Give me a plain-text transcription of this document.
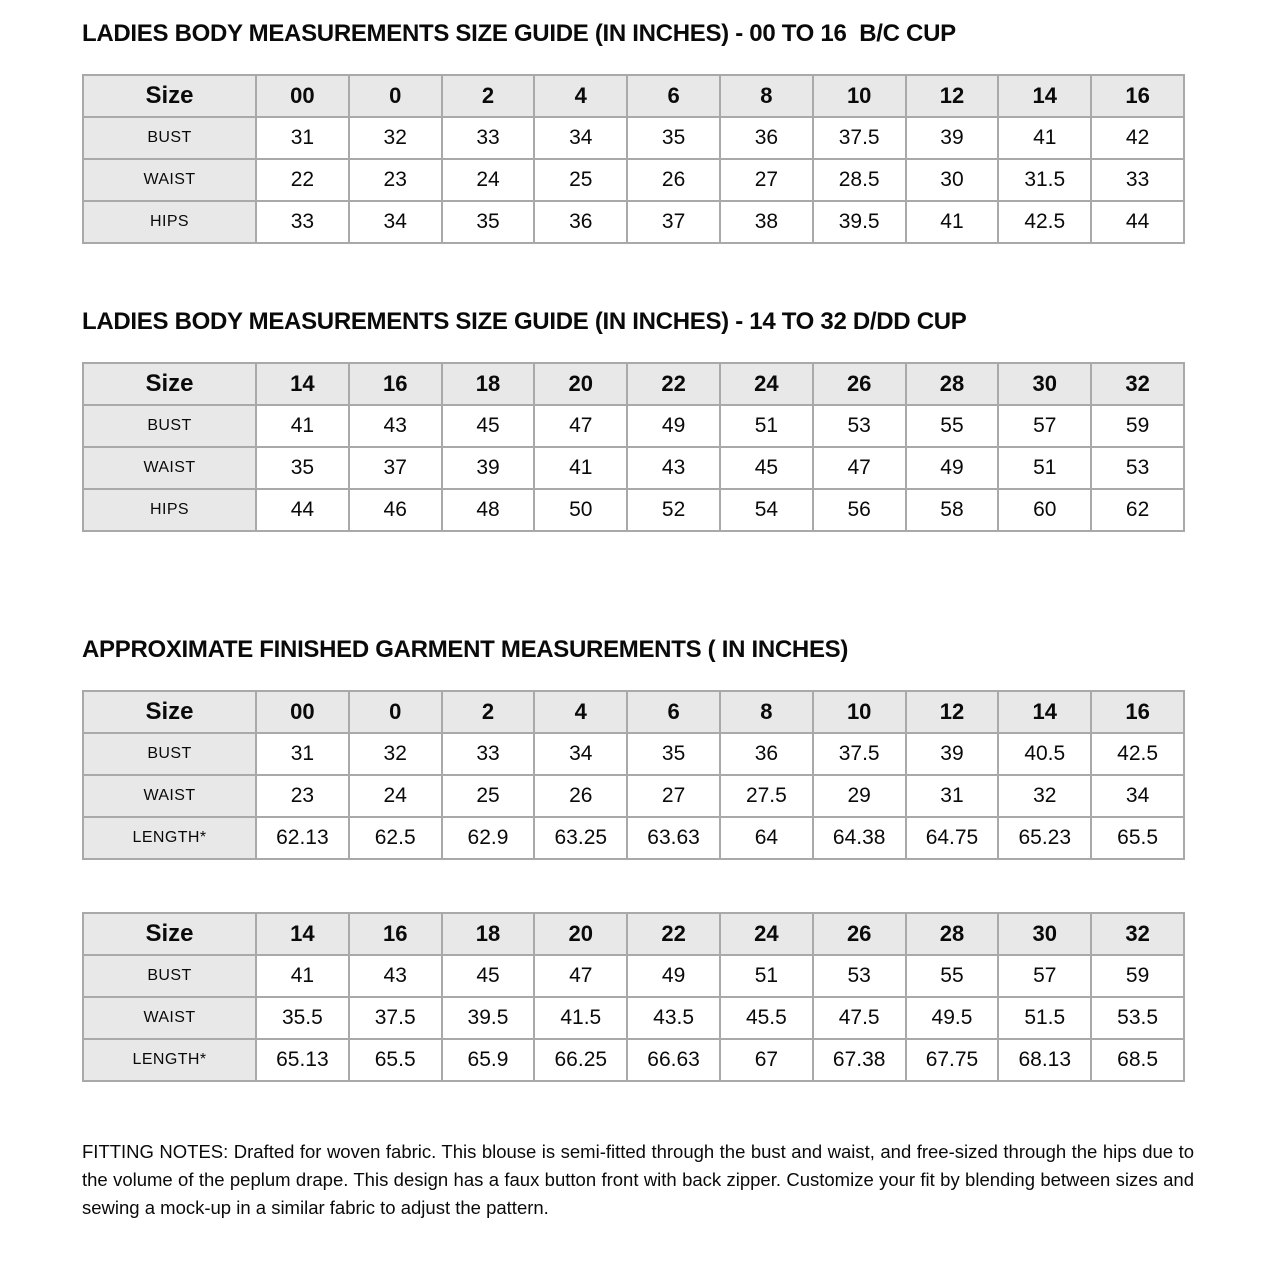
LADIES BODY MEASUREMENTS SIZE GUIDE (IN INCHES) - 00 TO 16  B/C CUP
Size	00	0	2	4	6	8	10	12	14	16
BUST	31	32	33	34	35	36	37.5	39	41	42
WAIST	22	23	24	25	26	27	28.5	30	31.5	33
HIPS	33	34	35	36	37	38	39.5	41	42.5	44
LADIES BODY MEASUREMENTS SIZE GUIDE (IN INCHES) - 14 TO 32 D/DD CUP
Size	14	16	18	20	22	24	26	28	30	32
BUST	41	43	45	47	49	51	53	55	57	59
WAIST	35	37	39	41	43	45	47	49	51	53
HIPS	44	46	48	50	52	54	56	58	60	62
APPROXIMATE FINISHED GARMENT MEASUREMENTS ( IN INCHES)
Size	00	0	2	4	6	8	10	12	14	16
BUST	31	32	33	34	35	36	37.5	39	40.5	42.5
WAIST	23	24	25	26	27	27.5	29	31	32	34
LENGTH*	62.13	62.5	62.9	63.25	63.63	64	64.38	64.75	65.23	65.5
Size	14	16	18	20	22	24	26	28	30	32
BUST	41	43	45	47	49	51	53	55	57	59
WAIST	35.5	37.5	39.5	41.5	43.5	45.5	47.5	49.5	51.5	53.5
LENGTH*	65.13	65.5	65.9	66.25	66.63	67	67.38	67.75	68.13	68.5

FITTING NOTES: Drafted for woven fabric. This blouse is semi-fitted through the bust and waist, and free-sized through the hips due to the volume of the peplum drape. This design has a faux button front with back zipper. Customize your fit by blending between sizes and sewing a mock-up in a similar fabric to adjust the pattern.
